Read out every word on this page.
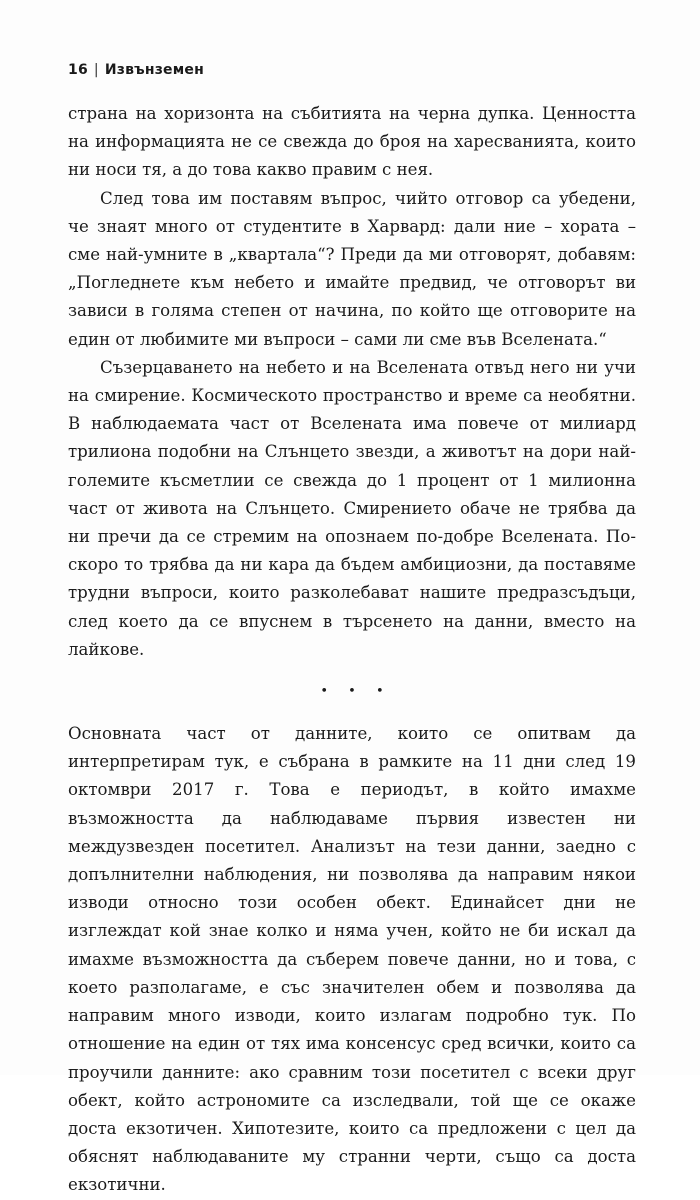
16 | Извънземен

страна на хоризонта на събитията на черна дупка. Ценността на информацията не се свежда до броя на харесванията, които ни носи тя, а до това какво правим с нея.

След това им поставям въпрос, чийто отговор са убедени, че знаят много от студентите в Харвард: дали ние – хората – сме най-умните в „квартала“? Преди да ми отговорят, добавям: „Погледнете към небето и имайте предвид, че отговорът ви зависи в голяма степен от начина, по който ще отговорите на един от любимите ми въпроси – сами ли сме във Вселената.“

Съзерцаването на небето и на Вселената отвъд него ни учи на смирение. Космическото пространство и време са необятни. В наблюдаемата част от Вселената има повече от милиард трилиона подобни на Слънцето звезди, а животът на дори най-големите късметлии се свежда до 1 процент от 1 милионна част от живота на Слънцето. Смирението обаче не трябва да ни пречи да се стремим на опознаем по-добре Вселената. По-скоро то трябва да ни кара да бъдем амбициозни, да поставяме трудни въпроси, които разколебават нашите предразсъдъци, след което да се впуснем в търсенето на данни, вместо на лайкове.

• • •

Основната част от данните, които се опитвам да интерпретирам тук, е събрана в рамките на 11 дни след 19 октомври 2017 г. Това е периодът, в който имахме възможността да наблюдаваме първия известен ни междузвезден посетител. Анализът на тези данни, заедно с допълнителни наблюдения, ни позволява да направим някои изводи относно този особен обект. Единайсет дни не изглеждат кой знае колко и няма учен, който не би искал да имахме възможността да съберем повече данни, но и това, с което разполагаме, е със значителен обем и позволява да направим много изводи, които излагам подробно тук. По отношение на един от тях има консенсус сред всички, които са проучили данните: ако сравним този посетител с всеки друг обект, който астрономите са изследвали, той ще се окаже доста екзотичен. Хипотезите, които са предложени с цел да обяснят наблюдаваните му странни черти, също са доста екзотични.
